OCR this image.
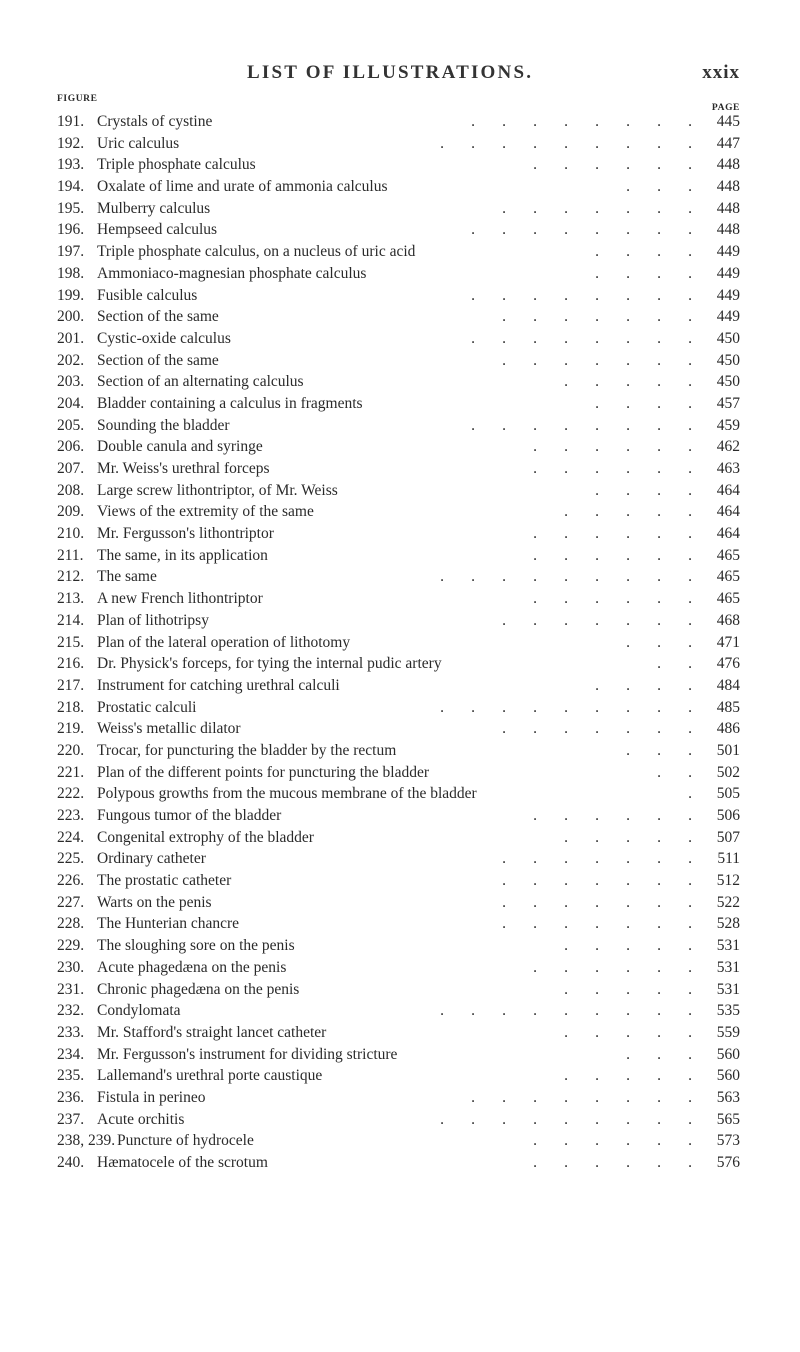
LIST OF ILLUSTRATIONS.	xxix
FIGURE
PAGE
191. Crystals of cystine	.       .       .       .       .       .       .       . 445
192. Uric calculus	.       .       .       .       .       .       .       .       . 447
193. Triple phosphate calculus	.       .       .       .       .       . 448
194. Oxalate of lime and urate of ammonia calculus	.       .       . 448
195. Mulberry calculus	.       .       .       .       .       .       . 448
196. Hempseed calculus	.       .       .       .       .       .       .       . 448
197. Triple phosphate calculus, on a nucleus of uric acid	.       .       .       . 449
198. Ammoniaco-magnesian phosphate calculus	.       .       .       . 449
199. Fusible calculus	.       .       .       .       .       .       .       . 449
200. Section of the same	.       .       .       .       .       .       . 449
201. Cystic-oxide calculus	.       .       .       .       .       .       .       . 450
202. Section of the same	.       .       .       .       .       .       . 450
203. Section of an alternating calculus	.       .       .       .       . 450
204. Bladder containing a calculus in fragments	.       .       .       . 457
205. Sounding the bladder	.       .       .       .       .       .       .       . 459
206. Double canula and syringe	.       .       .       .       .       . 462
207. Mr. Weiss's urethral forceps	.       .       .       .       .       . 463
208. Large screw lithontriptor, of Mr. Weiss	.       .       .       . 464
209. Views of the extremity of the same	.       .       .       .       . 464
210. Mr. Fergusson's lithontriptor	.       .       .       .       .       . 464
211. The same, in its application	.       .       .       .       .       . 465
212. The same	.       .       .       .       .       .       .       .       . 465
213. A new French lithontriptor	.       .       .       .       .       . 465
214. Plan of lithotripsy	.       .       .       .       .       .       . 468
215. Plan of the lateral operation of lithotomy	.       .       . 471
216. Dr. Physick's forceps, for tying the internal pudic artery	.       . 476
217. Instrument for catching urethral calculi	.       .       .       . 484
218. Prostatic calculi	.       .       .       .       .       .       .       .       . 485
219. Weiss's metallic dilator	.       .       .       .       .       .       . 486
220. Trocar, for puncturing the bladder by the rectum	.       .       . 501
221. Plan of the different points for puncturing the bladder	.       . 502
222. Polypous growths from the mucous membrane of the bladder	. 505
223. Fungous tumor of the bladder	.       .       .       .       .       . 506
224. Congenital extrophy of the bladder	.       .       .       .       . 507
225. Ordinary catheter	.       .       .       .       .       .       . 511
226. The prostatic catheter	.       .       .       .       .       .       . 512
227. Warts on the penis	.       .       .       .       .       .       . 522
228. The Hunterian chancre	.       .       .       .       .       .       . 528
229. The sloughing sore on the penis	.       .       .       .       . 531
230. Acute phagedæna on the penis	.       .       .       .       .       . 531
231. Chronic phagedæna on the penis	.       .       .       .       . 531
232. Condylomata	.       .       .       .       .       .       .       .       . 535
233. Mr. Stafford's straight lancet catheter	.       .       .       .       . 559
234. Mr. Fergusson's instrument for dividing stricture	.       .       . 560
235. Lallemand's urethral porte caustique	.       .       .       .       . 560
236. Fistula in perineo	.       .       .       .       .       .       .       . 563
237. Acute orchitis	.       .       .       .       .       .       .       .       . 565
238, 239. Puncture of hydrocele	.       .       .       .       .       . 573
240. Hæmatocele of the scrotum	.       .       .       .       .       . 576
